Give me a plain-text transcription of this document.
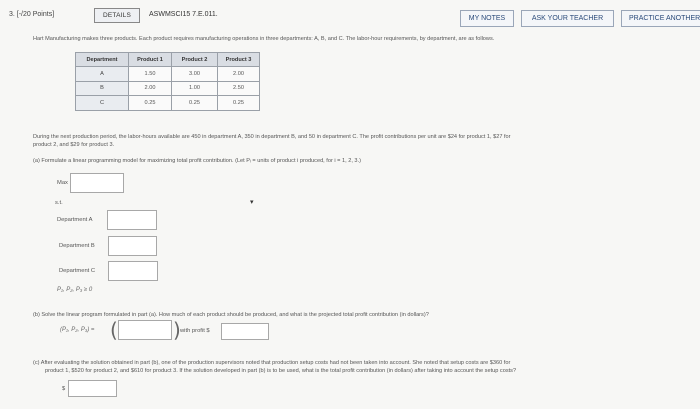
3. [-/20 Points]	DETAILS	ASWMSCI15 7.E.011.
MY NOTES	ASK YOUR TEACHER	PRACTICE ANOTHER
Hart Manufacturing makes three products. Each product requires manufacturing operations in three departments: A, B, and C. The labor-hour requirements, by department, are as follows.
Department	Product 1	Product 2	Product 3
A	1.50	3.00	2.00
B	2.00	1.00	2.50
C	0.25	0.25	0.25
During the next production period, the labor-hours available are 450 in department A, 350 in department B, and 50 in department C. The profit contributions per unit are $24 for product 1, $27 for
product 2, and $29 for product 3.
(a) Formulate a linear programming model for maximizing total profit contribution. (Let Pᵢ = units of product i produced, for i = 1, 2, 3.)
Max
▾
s.t.
Department A
Department B
Department C
P₁, P₂, P₃ ≥ 0
(b) Solve the linear program formulated in part (a). How much of each product should be produced, and what is the projected total profit contribution (in dollars)?
(P₁, P₂, P₃) = (	) with profit $
(c) After evaluating the solution obtained in part (b), one of the production supervisors noted that production setup costs had not been taken into account. She noted that setup costs are $360 for
product 1, $520 for product 2, and $610 for product 3. If the solution developed in part (b) is to be used, what is the total profit contribution (in dollars) after taking into account the setup costs?
$
